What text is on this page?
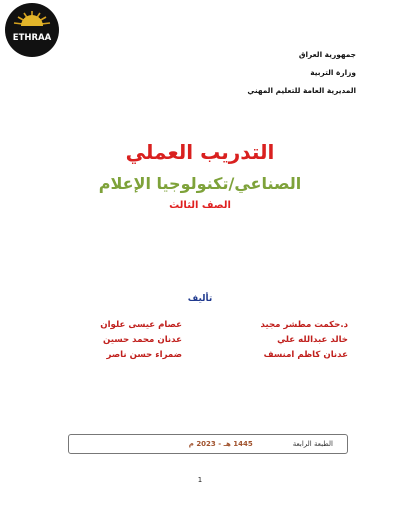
ETHRAA
جمهورية العراق
وزارة التربية
المديرية العامة للتعليم المهني
التدريب العملي
الصناعي/تكنولوجيا الإعلام
الصف الثالث
تأليف
د.حكمت مطشر مجيد
خالد عبدالله علي
عدنان كاظم امنسف
عصام عيسى علوان
عدنان محمد حسين
ضمراء حسن ناصر
الطبعة الرابعة
1445 هـ - 2023 م
1
